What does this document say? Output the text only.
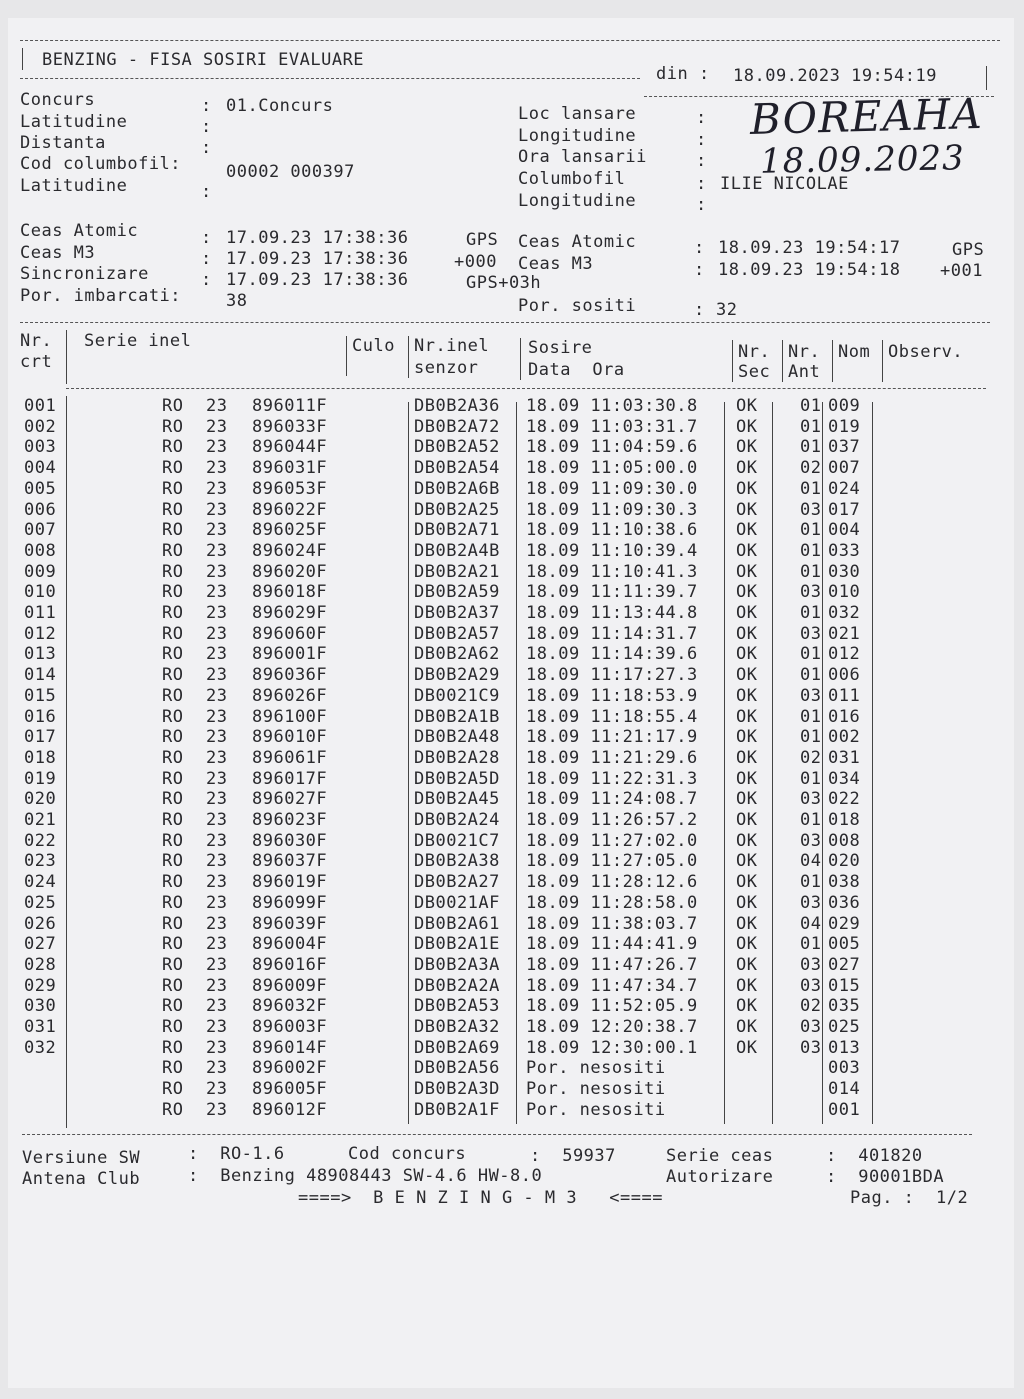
BENZING - FISA SOSIRI EVALUARE
din : 18.09.2023 19:54:19
Concurs	: 01.Concurs
Latitudine	:
Distanta	:
Cod columbofil:	00002 000397
Latitudine	:
Loc lansare	:
Longitudine	:
Ora lansarii	:
Columbofil	: ILIE NICOLAE
Longitudine	:
BOREAHA
18.09.2023
Ceas Atomic	: 17.09.23 17:38:36	GPS
Ceas M3	: 17.09.23 17:38:36	+000
Sincronizare	: 17.09.23 17:38:36	GPS+03h
Por. imbarcati:	38
Ceas Atomic	: 18.09.23 19:54:17	GPS
Ceas M3	: 18.09.23 19:54:18 +001
Por. sositi	: 32
Nr.
crt
Serie inel	Culo Nr.inel
senzor
Sosire
Data  Ora
Nr.
Sec
Nr.
Ant
Nom Observ.
001	RO 23 896011F	DB0B2A36 18.09 11:03:30.8 OK	01 009
002	RO 23 896033F	DB0B2A72 18.09 11:03:31.7 OK	01 019
003	RO 23 896044F	DB0B2A52 18.09 11:04:59.6 OK	01 037
004	RO 23 896031F	DB0B2A54 18.09 11:05:00.0 OK	02 007
005	RO 23 896053F	DB0B2A6B 18.09 11:09:30.0 OK	01 024
006	RO 23 896022F	DB0B2A25 18.09 11:09:30.3 OK	03 017
007	RO 23 896025F	DB0B2A71 18.09 11:10:38.6 OK	01 004
008	RO 23 896024F	DB0B2A4B 18.09 11:10:39.4 OK	01 033
009	RO 23 896020F	DB0B2A21 18.09 11:10:41.3 OK	01 030
010	RO 23 896018F	DB0B2A59 18.09 11:11:39.7 OK	03 010
011	RO 23 896029F	DB0B2A37 18.09 11:13:44.8 OK	01 032
012	RO 23 896060F	DB0B2A57 18.09 11:14:31.7 OK	03 021
013	RO 23 896001F	DB0B2A62 18.09 11:14:39.6 OK	01 012
014	RO 23 896036F	DB0B2A29 18.09 11:17:27.3 OK	01 006
015	RO 23 896026F	DB0021C9 18.09 11:18:53.9 OK	03 011
016	RO 23 896100F	DB0B2A1B 18.09 11:18:55.4 OK	01 016
017	RO 23 896010F	DB0B2A48 18.09 11:21:17.9 OK	01 002
018	RO 23 896061F	DB0B2A28 18.09 11:21:29.6 OK	02 031
019	RO 23 896017F	DB0B2A5D 18.09 11:22:31.3 OK	01 034
020	RO 23 896027F	DB0B2A45 18.09 11:24:08.7 OK	03 022
021	RO 23 896023F	DB0B2A24 18.09 11:26:57.2 OK	01 018
022	RO 23 896030F	DB0021C7 18.09 11:27:02.0 OK	03 008
023	RO 23 896037F	DB0B2A38 18.09 11:27:05.0 OK	04 020
024	RO 23 896019F	DB0B2A27 18.09 11:28:12.6 OK	01 038
025	RO 23 896099F	DB0021AF 18.09 11:28:58.0 OK	03 036
026	RO 23 896039F	DB0B2A61 18.09 11:38:03.7 OK	04 029
027	RO 23 896004F	DB0B2A1E 18.09 11:44:41.9 OK	01 005
028	RO 23 896016F	DB0B2A3A 18.09 11:47:26.7 OK	03 027
029	RO 23 896009F	DB0B2A2A 18.09 11:47:34.7 OK	03 015
030	RO 23 896032F	DB0B2A53 18.09 11:52:05.9 OK	02 035
031	RO 23 896003F	DB0B2A32 18.09 12:20:38.7 OK	03 025
032	RO 23 896014F	DB0B2A69 18.09 12:30:00.1 OK	03 013
RO 23 896002F	DB0B2A56 Por. nesositi	003
RO 23 896005F	DB0B2A3D Por. nesositi	014
RO 23 896012F	DB0B2A1F Por. nesositi	001
Versiune SW	:  RO-1.6	Cod concurs	:  59937	Serie ceas	:  401820
Antena Club	:  Benzing 48908443 SW-4.6 HW-8.0	Autorizare	:  90001BDA
====>  B E N Z I N G - M 3   <====	Pag. : 1/2
